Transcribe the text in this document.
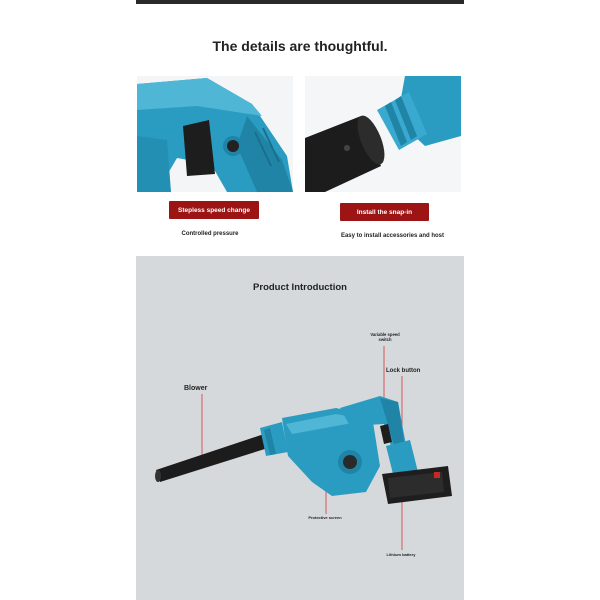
The details are thoughtful.
Stepless speed change	Install the snap-in
Controlled pressure	Easy to install accessories and host
Product Introduction
Blower
Variable speed switch
Lock button
Protective screen
Lithium battery
